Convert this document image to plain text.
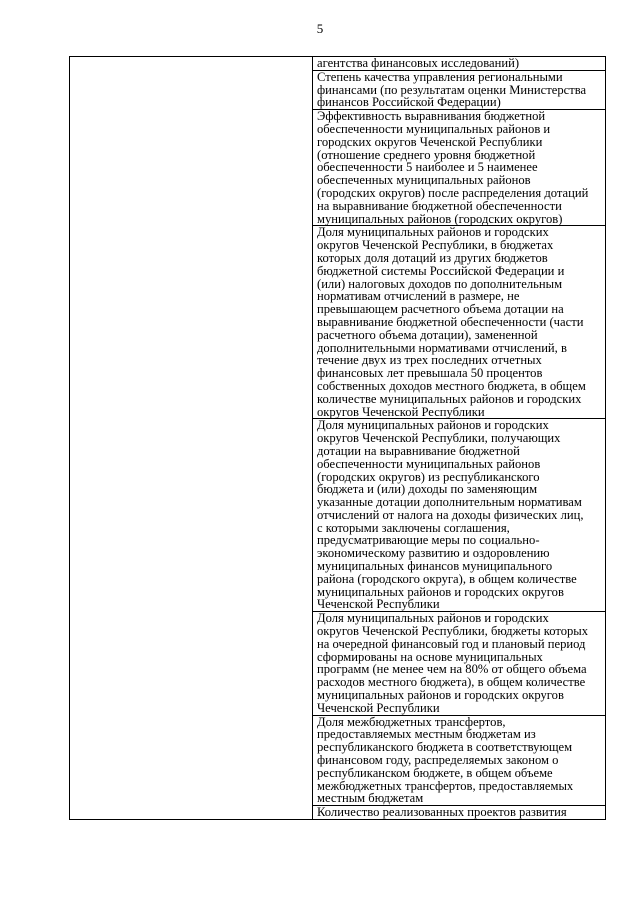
5

агентства финансовых исследований)

Степень качества управления региональными
финансами (по результатам оценки Министерства
финансов Российской Федерации)

Эффективность выравнивания бюджетной
обеспеченности муниципальных районов и
городских округов Чеченской Республики
(отношение среднего уровня бюджетной
обеспеченности 5 наиболее и 5 наименее
обеспеченных муниципальных районов
(городских округов) после распределения дотаций
на выравнивание бюджетной обеспеченности
муниципальных районов (городских округов)

Доля муниципальных районов и городских
округов Чеченской Республики, в бюджетах
которых доля дотаций из других бюджетов
бюджетной системы Российской Федерации и
(или) налоговых доходов по дополнительным
нормативам отчислений в размере, не
превышающем расчетного объема дотации на
выравнивание бюджетной обеспеченности (части
расчетного объема дотации), замененной
дополнительными нормативами отчислений, в
течение двух из трех последних отчетных
финансовых лет превышала 50 процентов
собственных доходов местного бюджета, в общем
количестве муниципальных районов и городских
округов Чеченской Республики

Доля муниципальных районов и городских
округов Чеченской Республики, получающих
дотации на выравнивание бюджетной
обеспеченности муниципальных районов
(городских округов) из республиканского
бюджета и (или) доходы по заменяющим
указанные дотации дополнительным нормативам
отчислений от налога на доходы физических лиц,
с которыми заключены соглашения,
предусматривающие меры по социально-
экономическому развитию и оздоровлению
муниципальных финансов муниципального
района (городского округа), в общем количестве
муниципальных районов и городских округов
Чеченской Республики

Доля муниципальных районов и городских
округов Чеченской Республики, бюджеты которых
на очередной финансовый год и плановый период
сформированы на основе муниципальных
программ (не менее чем на 80% от общего объема
расходов местного бюджета), в общем количестве
муниципальных районов и городских округов
Чеченской Республики

Доля межбюджетных трансфертов,
предоставляемых местным бюджетам из
республиканского бюджета в соответствующем
финансовом году, распределяемых законом о
республиканском бюджете, в общем объеме
межбюджетных трансфертов, предоставляемых
местным бюджетам

Количество реализованных проектов развития
